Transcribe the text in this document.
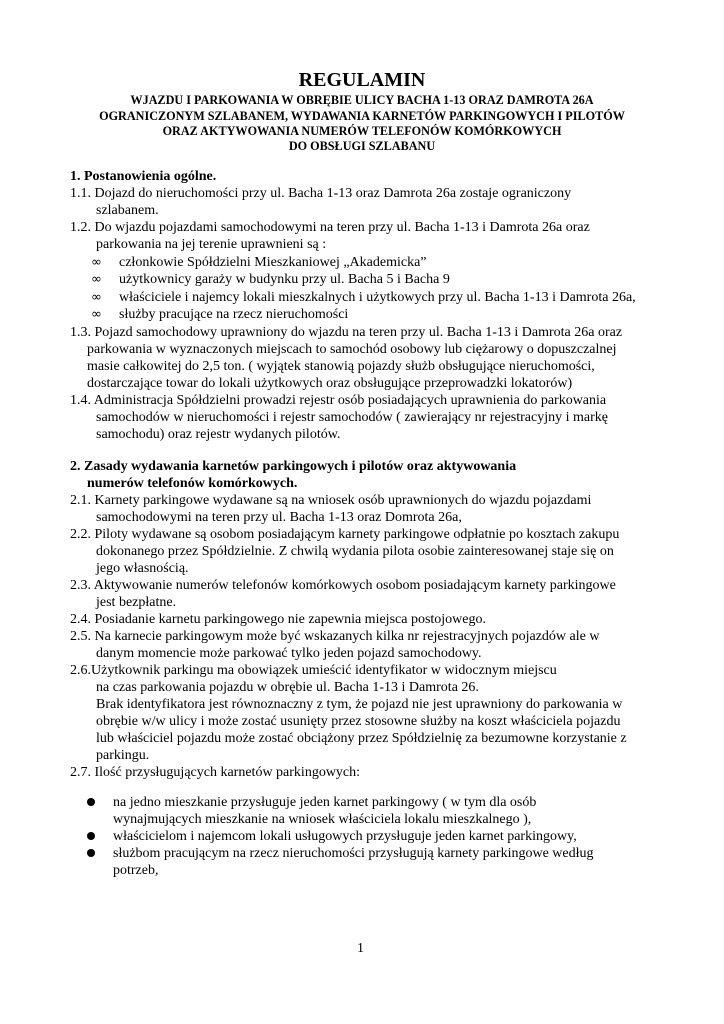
REGULAMIN
WJAZDU I PARKOWANIA W OBRĘBIE ULICY BACHA 1-13 ORAZ DAMROTA 26A
OGRANICZONYM SZLABANEM, WYDAWANIA KARNETÓW PARKINGOWYCH I PILOTÓW
ORAZ AKTYWOWANIA NUMERÓW TELEFONÓW KOMÓRKOWYCH
DO OBSŁUGI SZLABANU
1. Postanowienia ogólne.
1.1. Dojazd do nieruchomości przy ul. Bacha 1-13 oraz Damrota 26a zostaje ograniczony
szlabanem.
1.2. Do wjazdu pojazdami samochodowymi na teren przy ul. Bacha 1-13 i Damrota 26a oraz
parkowania na jej terenie uprawnieni są :
∞ członkowie Spółdzielni Mieszkaniowej „Akademicka”
∞ użytkownicy garaży w budynku przy ul. Bacha 5 i Bacha 9
∞ właściciele i najemcy lokali mieszkalnych i użytkowych przy ul. Bacha 1-13 i Damrota 26a,
∞ służby pracujące na rzecz nieruchomości
1.3. Pojazd samochodowy uprawniony do wjazdu na teren przy ul. Bacha 1-13 i Damrota 26a oraz
parkowania w wyznaczonych miejscach to samochód osobowy lub ciężarowy o dopuszczalnej
masie całkowitej do 2,5 ton. ( wyjątek stanowią pojazdy służb obsługujące nieruchomości,
dostarczające towar do lokali użytkowych oraz obsługujące przeprowadzki lokatorów)
1.4. Administracja Spółdzielni prowadzi rejestr osób posiadających uprawnienia do parkowania
samochodów w nieruchomości i rejestr samochodów ( zawierający nr rejestracyjny i markę
samochodu) oraz rejestr wydanych pilotów.
2. Zasady wydawania karnetów parkingowych i pilotów oraz aktywowania
numerów telefonów komórkowych.
2.1. Karnety parkingowe wydawane są na wniosek osób uprawnionych do wjazdu pojazdami
samochodowymi na teren przy ul. Bacha 1-13 oraz Domrota 26a,
2.2. Piloty wydawane są osobom posiadającym karnety parkingowe odpłatnie po kosztach zakupu
dokonanego przez Spółdzielnie. Z chwilą wydania pilota osobie zainteresowanej staje się on
jego własnością.
2.3. Aktywowanie numerów telefonów komórkowych osobom posiadającym karnety parkingowe
jest bezpłatne.
2.4. Posiadanie karnetu parkingowego nie zapewnia miejsca postojowego.
2.5. Na karnecie parkingowym może być wskazanych kilka nr rejestracyjnych pojazdów ale w
danym momencie może parkować tylko jeden pojazd samochodowy.
2.6.Użytkownik parkingu ma obowiązek umieścić identyfikator w widocznym miejscu
na czas parkowania pojazdu w obrębie ul. Bacha 1-13 i Damrota 26.
Brak identyfikatora jest równoznaczny z tym, że pojazd nie jest uprawniony do parkowania w
obrębie w/w ulicy i może zostać usunięty przez stosowne służby na koszt właściciela pojazdu
lub właściciel pojazdu może zostać obciążony przez Spółdzielnię za bezumowne korzystanie z
parkingu.
2.7. Ilość przysługujących karnetów parkingowych:
na jedno mieszkanie przysługuje jeden karnet parkingowy ( w tym dla osób
wynajmujących mieszkanie na wniosek właściciela lokalu mieszkalnego ),
właścicielom i najemcom lokali usługowych przysługuje jeden karnet parkingowy,
służbom pracującym na rzecz nieruchomości przysługują karnety parkingowe według
potrzeb,
1
